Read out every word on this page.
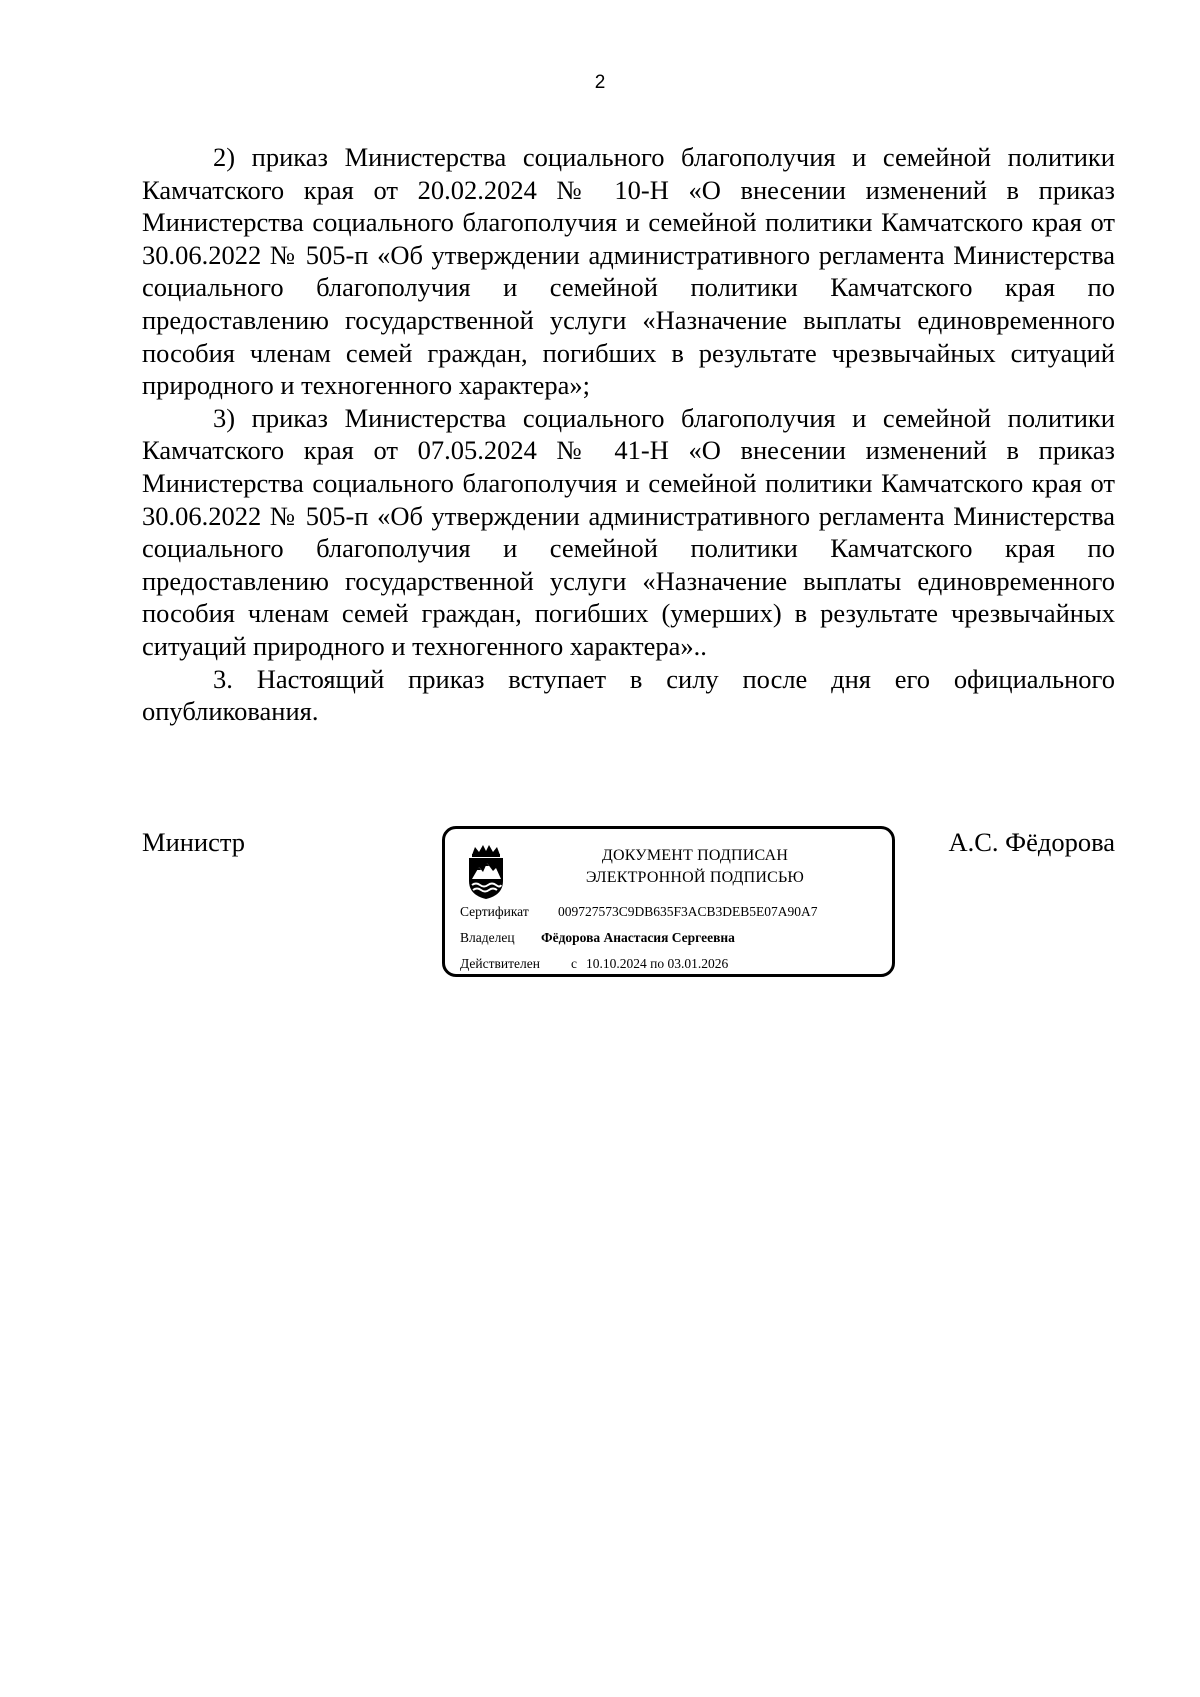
2

2) приказ Министерства социального благополучия и семейной политики Камчатского края от 20.02.2024 № 10-Н «О внесении изменений в приказ Министерства социального благополучия и семейной политики Камчатского края от 30.06.2022 № 505-п «Об утверждении административного регламента Министерства социального благополучия и семейной политики Камчатского края по предоставлению государственной услуги «Назначение выплаты единовременного пособия членам семей граждан, погибших в результате чрезвычайных ситуаций природного и техногенного характера»;

3) приказ Министерства социального благополучия и семейной политики Камчатского края от 07.05.2024 № 41-Н «О внесении изменений в приказ Министерства социального благополучия и семейной политики Камчатского края от 30.06.2022 № 505-п «Об утверждении административного регламента Министерства социального благополучия и семейной политики Камчатского края по предоставлению государственной услуги «Назначение выплаты единовременного пособия членам семей граждан, погибших (умерших) в результате чрезвычайных ситуаций природного и техногенного характера»..

3. Настоящий приказ вступает в силу после дня его официального опубликования.

Министр	ДОКУМЕНТ ПОДПИСАН
ЭЛЕКТРОННОЙ ПОДПИСЬЮ
Сертификат 009727573C9DB635F3ACB3DEB5E07A90A7
Владелец Фёдорова Анастасия Сергеевна
Действителен с 10.10.2024 по 03.01.2026
А.С. Фёдорова
